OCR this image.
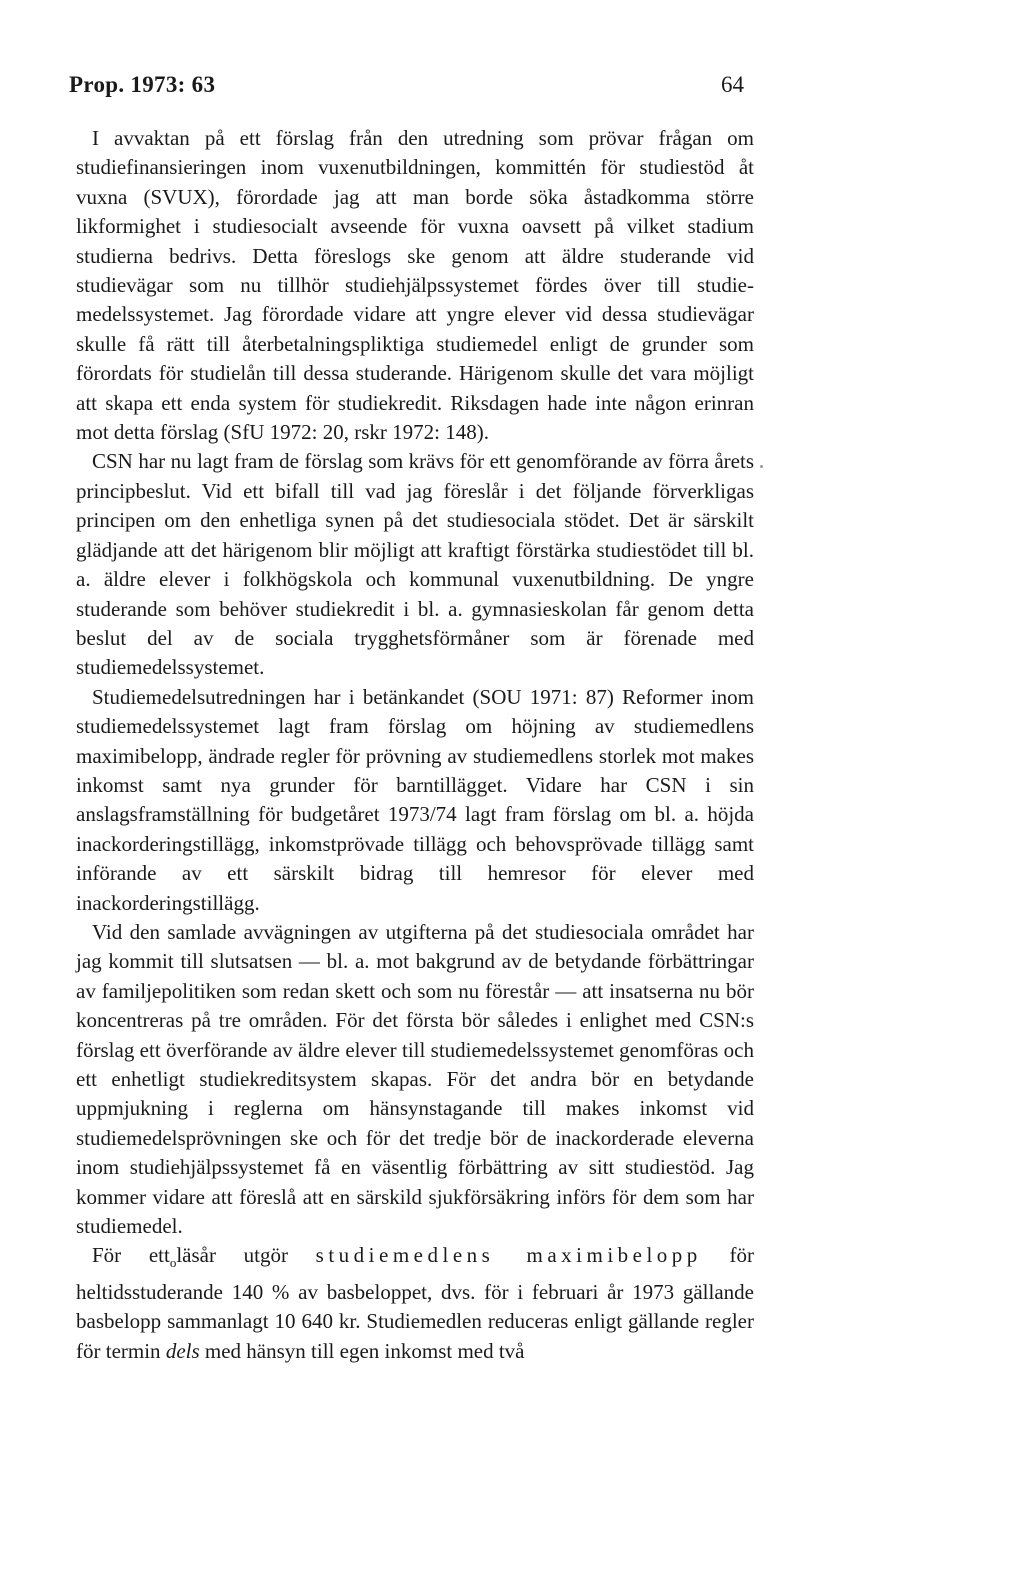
Prop. 1973: 63	64

I avvaktan på ett förslag från den utredning som prövar frågan om studiefinansieringen inom vuxenutbildningen, kommittén för studiestöd åt vuxna (SVUX), förordade jag att man borde söka åstadkomma större likformighet i studiesocialt avseende för vuxna oavsett på vilket stadium studierna bedrivs. Detta föreslogs ske genom att äldre studerande vid studievägar som nu tillhör studiehjälpssystemet fördes över till studiemedelssystemet. Jag förordade vidare att yngre elever vid dessa studievägar skulle få rätt till återbetalningspliktiga studiemedel enligt de grunder som förordats för studielån till dessa studerande. Härigenom skulle det vara möjligt att skapa ett enda system för studiekredit. Riksdagen hade inte någon erinran mot detta förslag (SfU 1972: 20, rskr 1972: 148).

CSN har nu lagt fram de förslag som krävs för ett genomförande av förra årets principbeslut. Vid ett bifall till vad jag föreslår i det följande förverkligas principen om den enhetliga synen på det studiesociala stödet. Det är särskilt glädjande att det härigenom blir möjligt att kraftigt förstärka studiestödet till bl. a. äldre elever i folkhögskola och kommunal vuxenutbildning. De yngre studerande som behöver studiekredit i bl. a. gymnasieskolan får genom detta beslut del av de sociala trygghetsförmåner som är förenade med studiemedelssystemet.

Studiemedelsutredningen har i betänkandet (SOU 1971: 87) Reformer inom studiemedelssystemet lagt fram förslag om höjning av studiemedlens maximibelopp, ändrade regler för prövning av studiemedlens storlek mot makes inkomst samt nya grunder för barntillägget. Vidare har CSN i sin anslagsframställning för budgetåret 1973/74 lagt fram förslag om bl. a. höjda inackorderingstillägg, inkomstprövade tillägg och behovsprövade tillägg samt införande av ett särskilt bidrag till hemresor för elever med inackorderingstillägg.

Vid den samlade avvägningen av utgifterna på det studiesociala området har jag kommit till slutsatsen — bl. a. mot bakgrund av de betydande förbättringar av familjepolitiken som redan skett och som nu förestår — att insatserna nu bör koncentreras på tre områden. För det första bör således i enlighet med CSN:s förslag ett överförande av äldre elever till studiemedelssystemet genomföras och ett enhetligt studiekreditsystem skapas. För det andra bör en betydande uppmjukning i reglerna om hänsynstagande till makes inkomst vid studiemedelsprövningen ske och för det tredje bör de inackorderade eleverna inom studiehjälpssystemet få en väsentlig förbättring av sitt studiestöd. Jag kommer vidare att föreslå att en särskild sjukförsäkring införs för dem som har studiemedel.

För ett$_o$läsår utgör studiemedlens maximibelopp för heltidsstuderande 140 % av basbeloppet, dvs. för i februari år 1973 gällande basbelopp sammanlagt 10 640 kr. Studiemedlen reduceras enligt gällande regler för termin dels med hänsyn till egen inkomst med två
